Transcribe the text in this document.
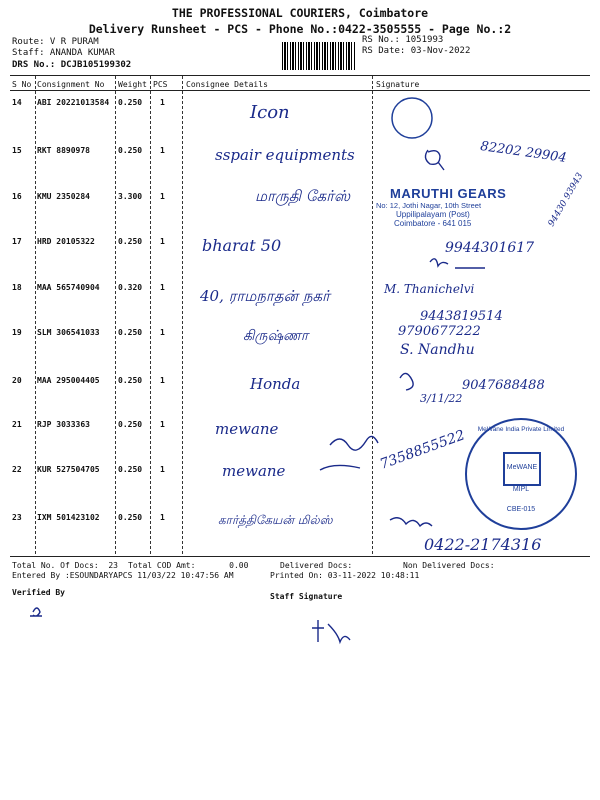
THE PROFESSIONAL COURIERS, Coimbatore
Delivery Runsheet - PCS - Phone No.:0422-3505555 - Page No.:2
Route: V R PURAM
Staff: ANANDA KUMAR
DRS No.: DCJB105199302
RS No.: 1051993
RS Date: 03-Nov-2022
S No Consignment No Weight PCS Consignee Details	Signature
14 ABI 20221013584 0.250 1	Icon
15 RKT 8890978	0.250 1	sspair equipments	82202 29904
16 KMU 2350284	3.300 1	மாருதி கேர்ஸ்	94430 93943
MARUTHI GEARS
No: 12, Jothi Nagar, 10th Street
Uppilipalayam (Post)
Coimbatore - 641 015
17 HRD 20105322	0.250 1 bharat 50	9944301617
18 MAA 565740904 0.320 1 40, ராமநாதன் நகர்	M. Thanichelvi
19 SLM 306541033 0.250 1	கிருஷ்ணா
9443819514
9790677222
S. Nandhu
20 MAA 295004405 0.250 1	Honda	9047688488
3/11/22
21 RJP 3033363	0.250 1	mewane	7358855522
22 KUR 527504705 0.250 1	mewane
MeWane India Private Limited
MeWANE
MIPL
CBE-015
23 IXM 501423102 0.250 1	கார்த்திகேயன் மில்ஸ்
0422-2174316
Total No. Of Docs:  23 Total COD Amt:       0.00	Delivered Docs:	Non Delivered Docs:
Entered By :ESOUNDARYAPCS 11/03/22 10:47:56 AM	Printed On: 03-11-2022 10:48:11
Verified By	Staff Signature
